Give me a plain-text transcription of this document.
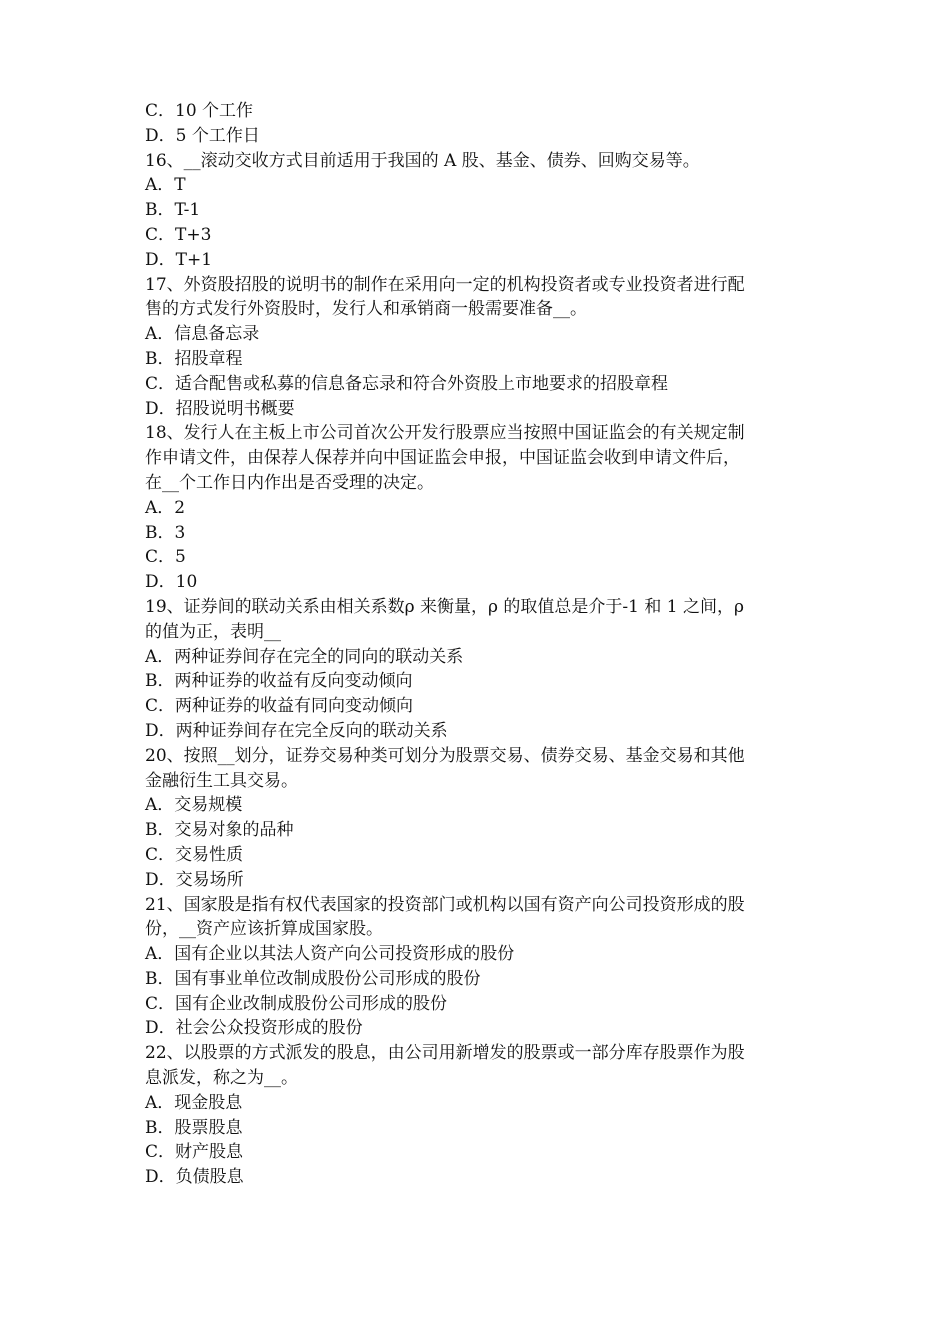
C．10 个工作
D．5 个工作日
16、__滚动交收方式目前适用于我国的 A 股、基金、债券、回购交易等。
A．T
B．T-1
C．T+3
D．T+1
17、外资股招股的说明书的制作在采用向一定的机构投资者或专业投资者进行配
售的方式发行外资股时，发行人和承销商一般需要准备__。
A．信息备忘录
B．招股章程
C．适合配售或私募的信息备忘录和符合外资股上市地要求的招股章程
D．招股说明书概要
18、发行人在主板上市公司首次公开发行股票应当按照中国证监会的有关规定制
作申请文件，由保荐人保荐并向中国证监会申报，中国证监会收到申请文件后，
在__个工作日内作出是否受理的决定。
A．2
B．3
C．5
D．10
19、证券间的联动关系由相关系数ρ 来衡量，ρ 的取值总是介于-1 和 1 之间，ρ
的值为正，表明__
A．两种证券间存在完全的同向的联动关系
B．两种证券的收益有反向变动倾向
C．两种证券的收益有同向变动倾向
D．两种证券间存在完全反向的联动关系
20、按照__划分，证券交易种类可划分为股票交易、债券交易、基金交易和其他
金融衍生工具交易。
A．交易规模
B．交易对象的品种
C．交易性质
D．交易场所
21、国家股是指有权代表国家的投资部门或机构以国有资产向公司投资形成的股
份，__资产应该折算成国家股。
A．国有企业以其法人资产向公司投资形成的股份
B．国有事业单位改制成股份公司形成的股份
C．国有企业改制成股份公司形成的股份
D．社会公众投资形成的股份
22、以股票的方式派发的股息，由公司用新增发的股票或一部分库存股票作为股
息派发，称之为__。
A．现金股息
B．股票股息
C．财产股息
D．负债股息
